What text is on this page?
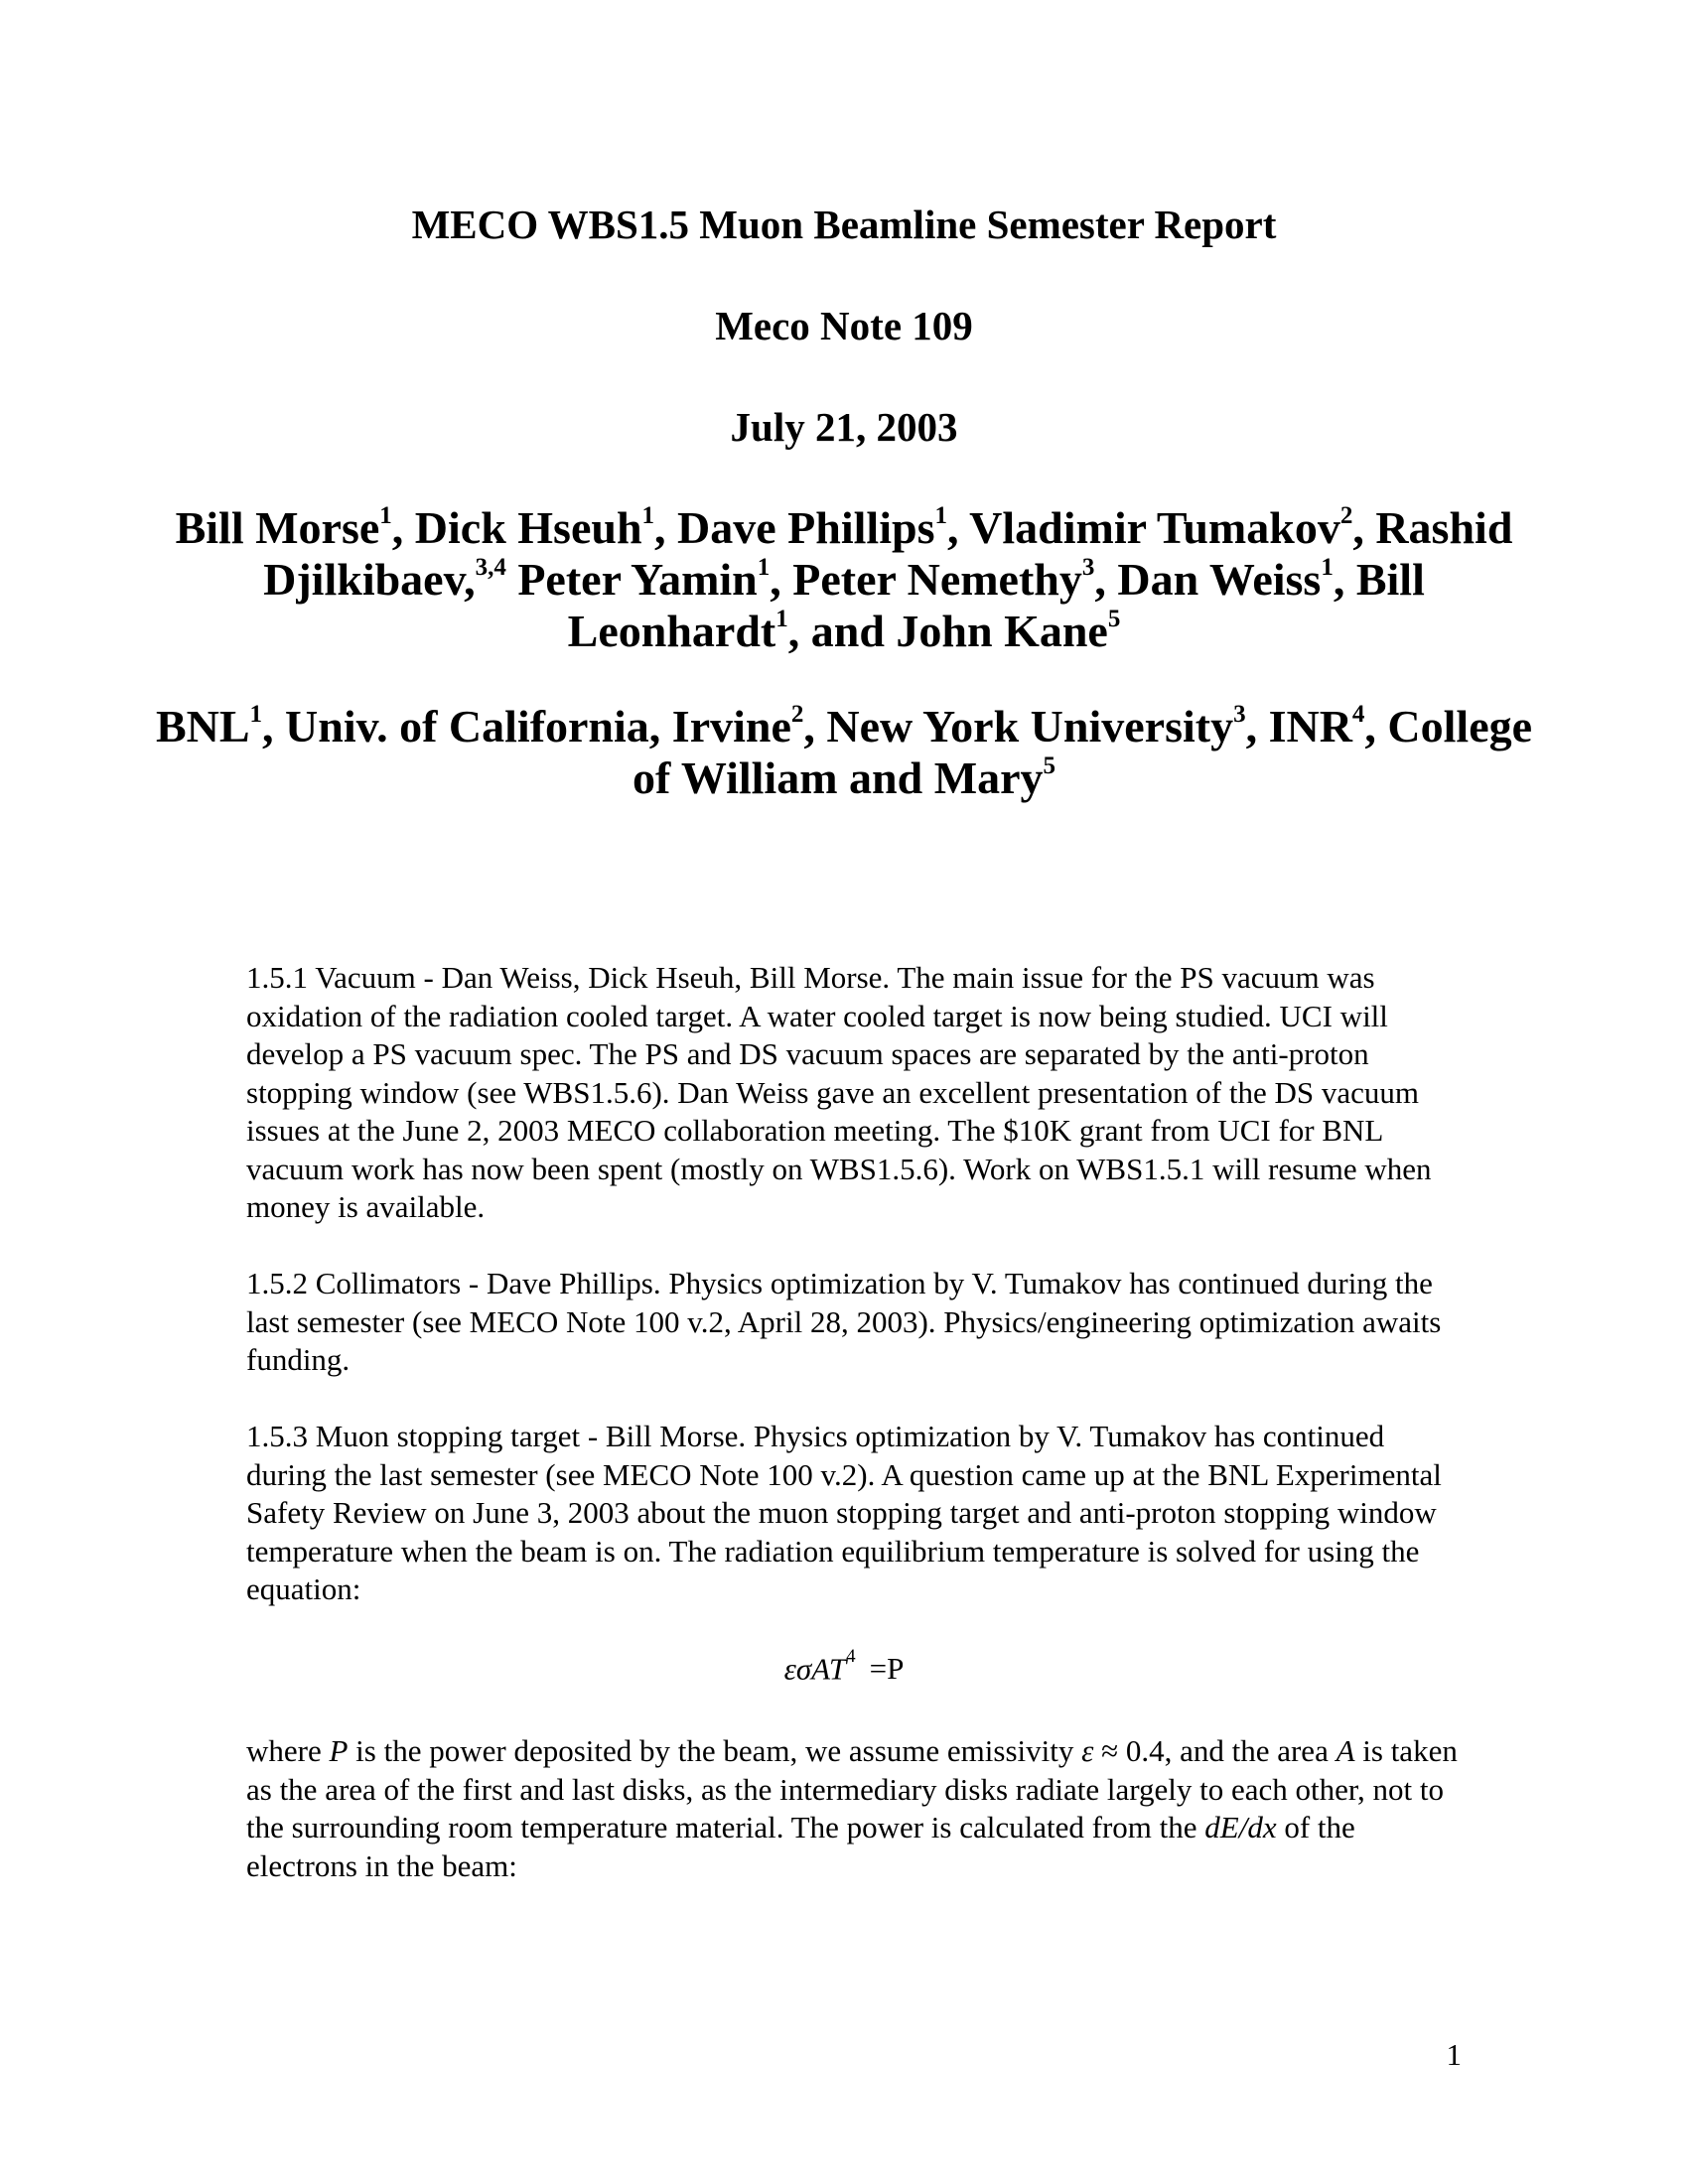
MECO WBS1.5 Muon Beamline Semester Report

Meco Note 109

July 21, 2003

Bill Morse$^1$, Dick Hseuh$^1$, Dave Phillips$^1$, Vladimir Tumakov$^2$, Rashid Djilkibaev,$^{3,4}$ Peter Yamin$^1$, Peter Nemethy$^3$, Dan Weiss$^1$, Bill Leonhardt$^1$, and John Kane$^5$

BNL$^1$, Univ. of California, Irvine$^2$, New York University$^3$, INR$^4$, College of William and Mary$^5$

1.5.1 Vacuum - Dan Weiss, Dick Hseuh, Bill Morse. The main issue for the PS vacuum was oxidation of the radiation cooled target. A water cooled target is now being studied. UCI will develop a PS vacuum spec. The PS and DS vacuum spaces are separated by the anti-proton stopping window (see WBS1.5.6). Dan Weiss gave an excellent presentation of the DS vacuum issues at the June 2, 2003 MECO collaboration meeting. The $10K grant from UCI for BNL vacuum work has now been spent (mostly on WBS1.5.6). Work on WBS1.5.1 will resume when money is available.

1.5.2 Collimators - Dave Phillips. Physics optimization by V. Tumakov has continued during the last semester (see MECO Note 100 v.2, April 28, 2003). Physics/engineering optimization awaits funding.

1.5.3 Muon stopping target - Bill Morse. Physics optimization by V. Tumakov has continued during the last semester (see MECO Note 100 v.2). A question came up at the BNL Experimental Safety Review on June 3, 2003 about the muon stopping target and anti-proton stopping window temperature when the beam is on. The radiation equilibrium temperature is solved for using the equation:

εσAT$^4$ =P

where P is the power deposited by the beam, we assume emissivity ε ≈ 0.4, and the area A is taken as the area of the first and last disks, as the intermediary disks radiate largely to each other, not to the surrounding room temperature material. The power is calculated from the dE/dx of the electrons in the beam:

1
